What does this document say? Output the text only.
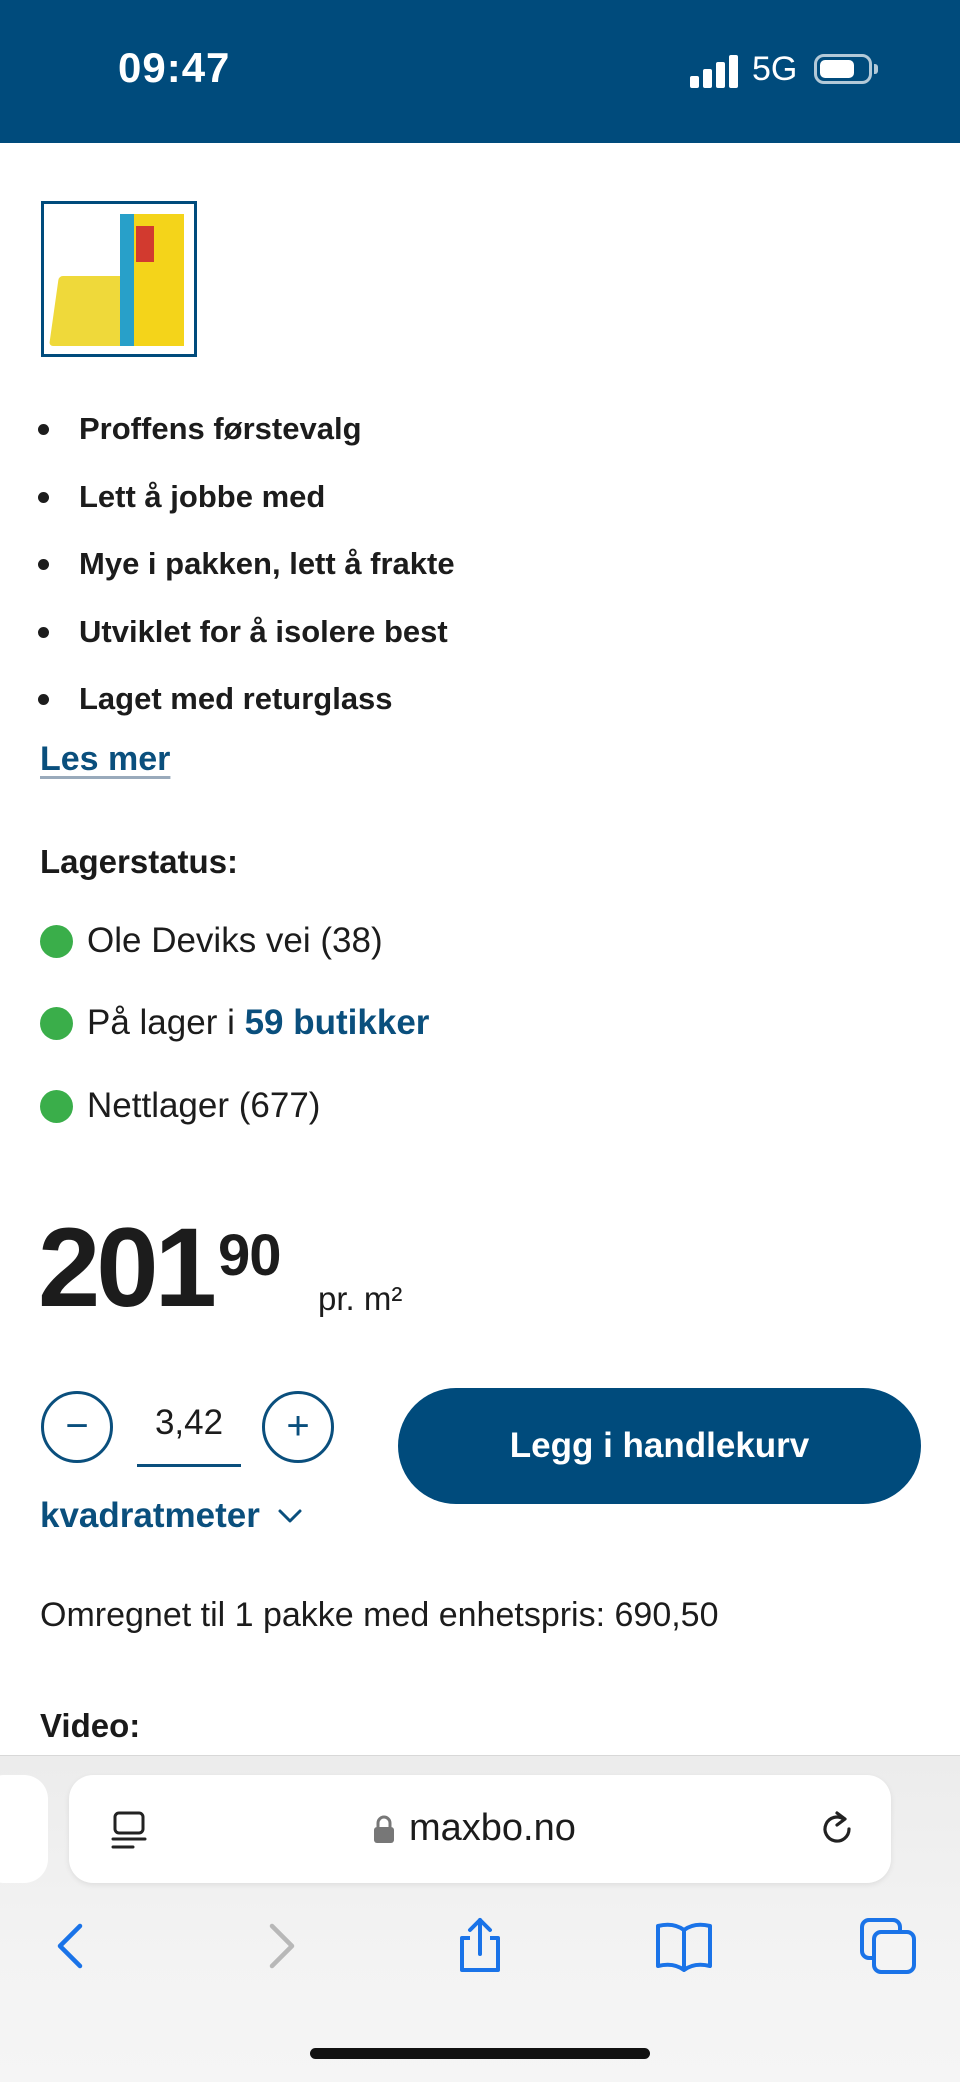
09:47	5G
Proffens førstevalg
Lett å jobbe med
Mye i pakken, lett å frakte
Utviklet for å isolere best
Laget med returglass
Les mer
Lagerstatus:
Ole Deviks vei (38)
På lager i 59 butikker
Nettlager (677)
201 90
pr. m²
−	3,42	+	Legg i handlekurv
kvadratmeter
Omregnet til 1 pakke med enhetspris: 690,50
Video:
maxbo.no
